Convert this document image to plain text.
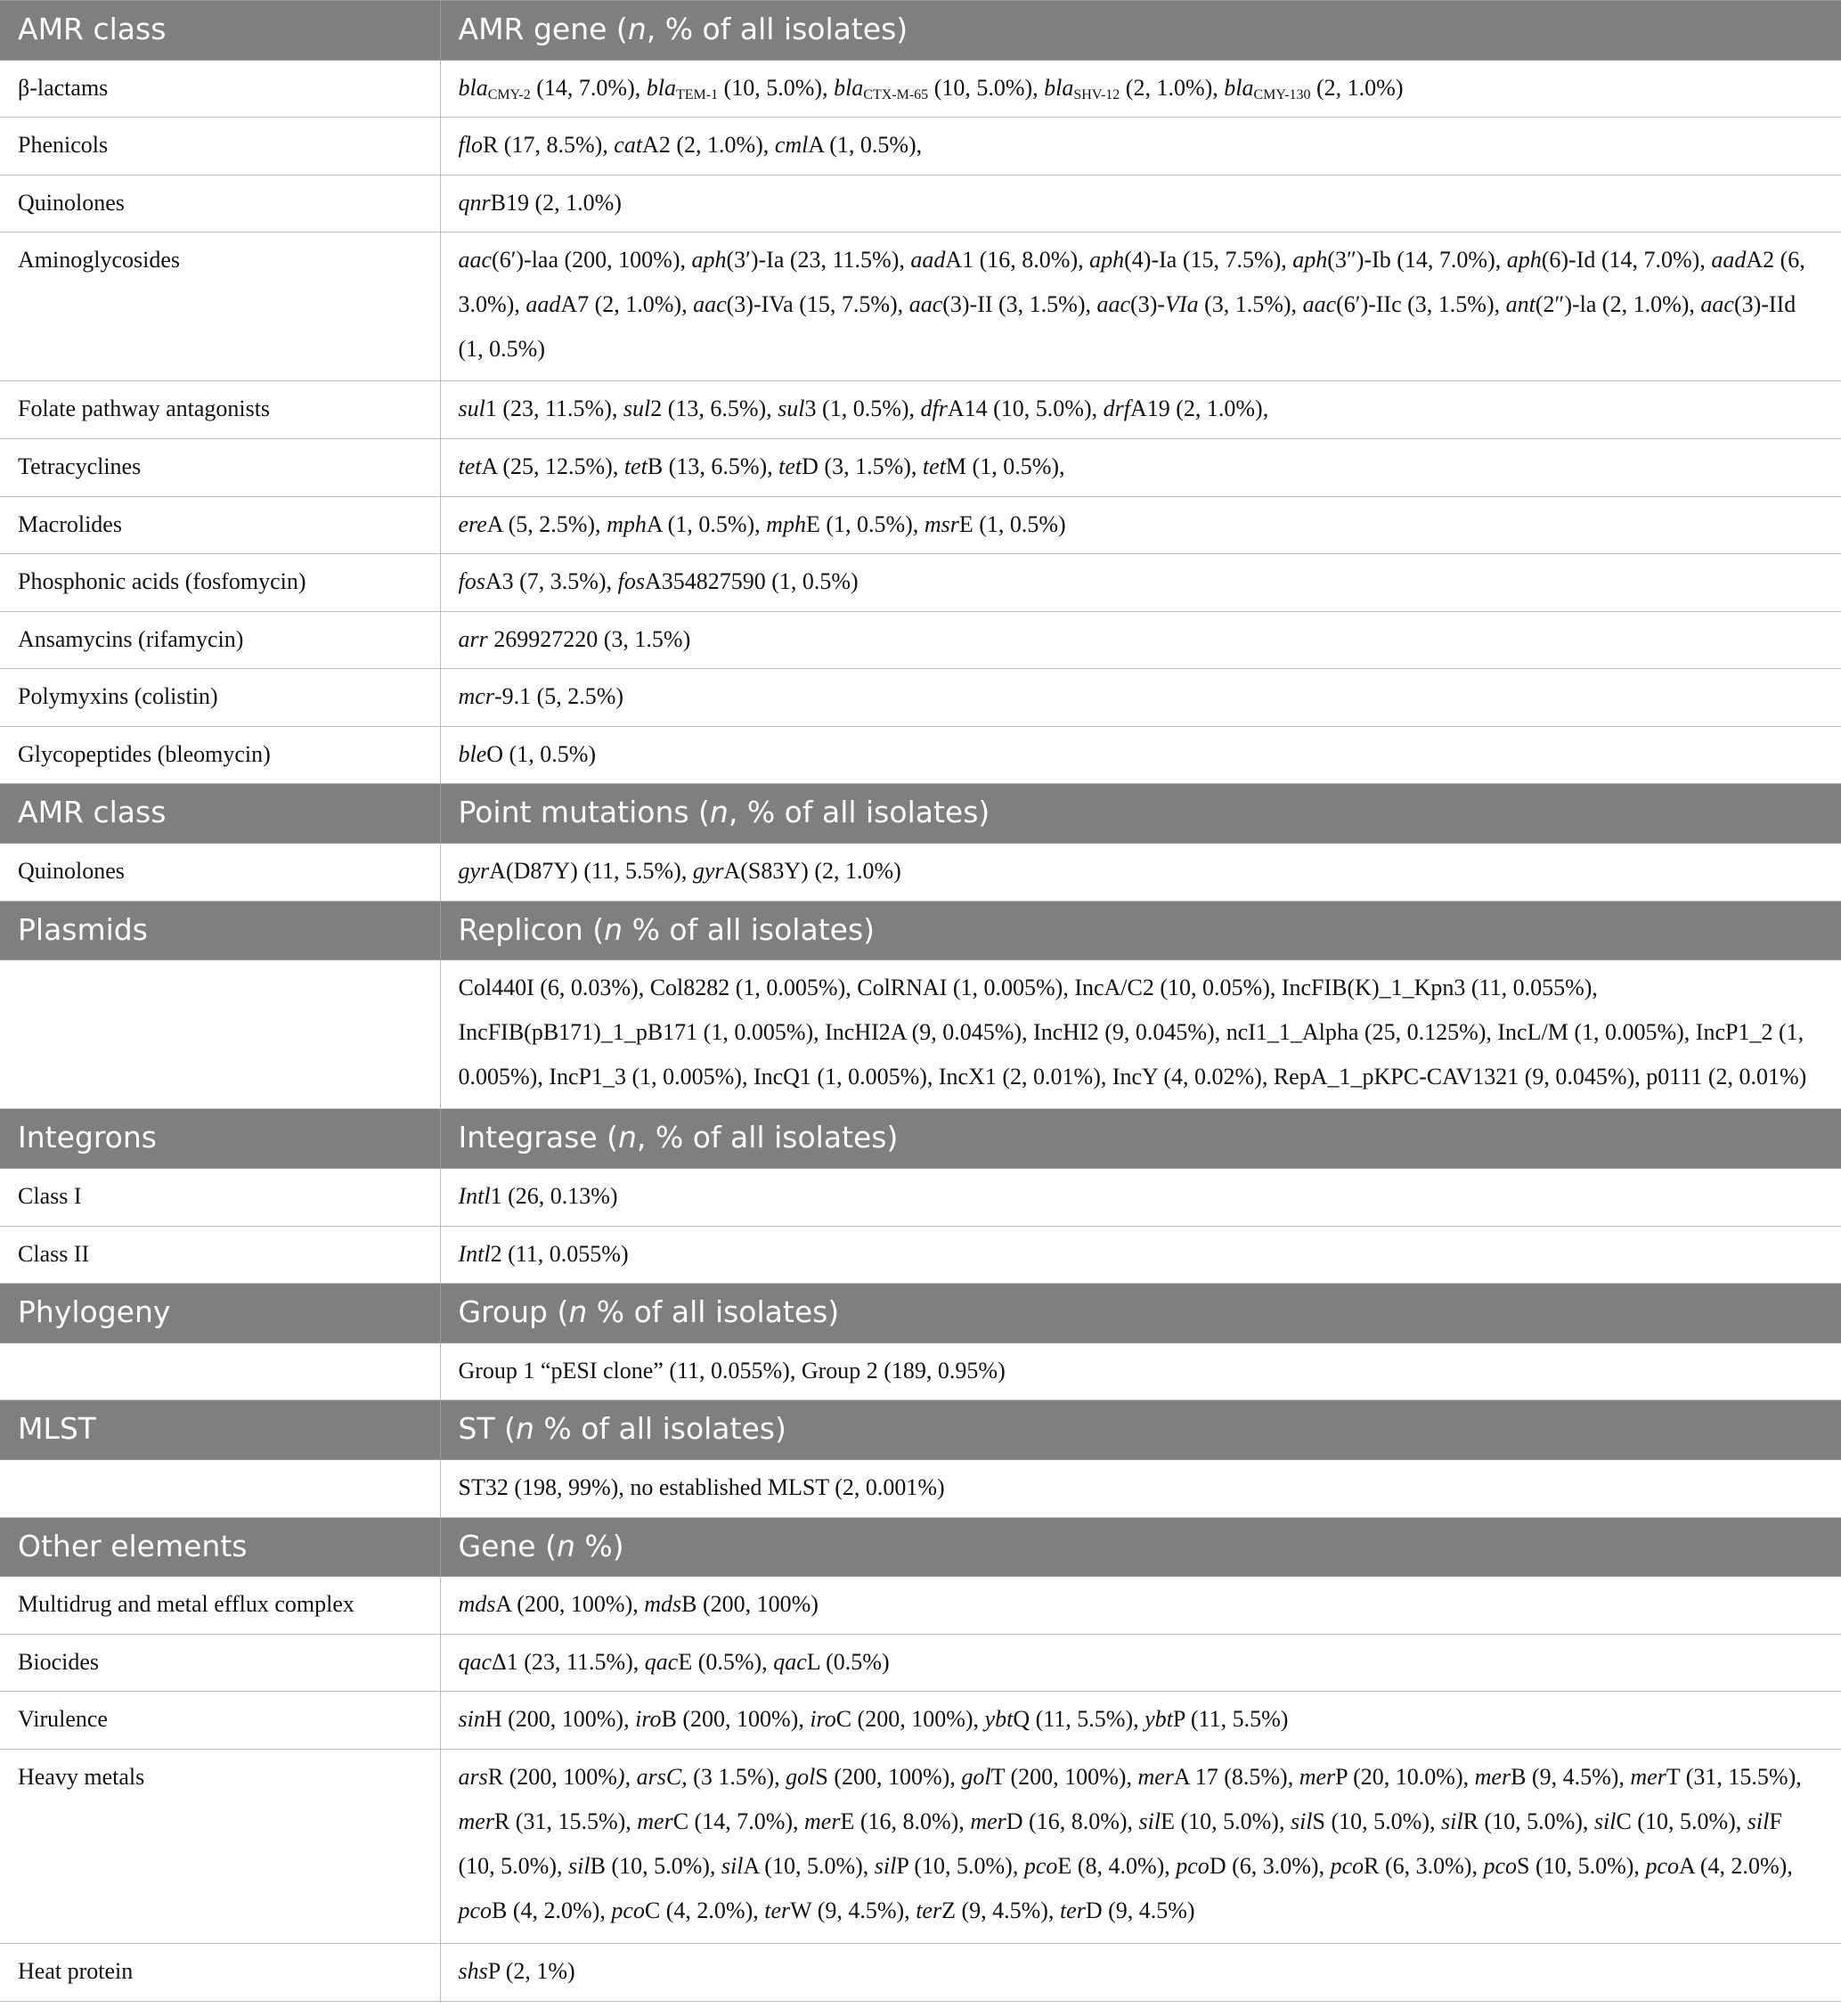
AMR class	AMR gene (n, % of all isolates)
β-lactams	bla$_{CMY-2}$ (14, 7.0%), bla$_{TEM-1}$ (10, 5.0%), bla$_{CTX-M-65}$ (10, 5.0%), bla$_{SHV-12}$ (2, 1.0%), bla$_{CMY-130}$ (2, 1.0%)
Phenicols	floR (17, 8.5%), catA2 (2, 1.0%), cmlA (1, 0.5%),
Quinolones	qnrB19 (2, 1.0%)
Aminoglycosides	aac(6′)-laa (200, 100%), aph(3′)-Ia (23, 11.5%), aadA1 (16, 8.0%), aph(4)-Ia (15, 7.5%), aph(3″)-Ib (14, 7.0%), aph(6)-Id (14, 7.0%), aadA2 (6, 3.0%), aadA7 (2, 1.0%), aac(3)-IVa (15, 7.5%), aac(3)-II (3, 1.5%), aac(3)-VIa (3, 1.5%), aac(6′)-IIc (3, 1.5%), ant(2″)-la (2, 1.0%), aac(3)-IId (1, 0.5%)
Folate pathway antagonists	sul1 (23, 11.5%), sul2 (13, 6.5%), sul3 (1, 0.5%), dfrA14 (10, 5.0%), drfA19 (2, 1.0%),
Tetracyclines	tetA (25, 12.5%), tetB (13, 6.5%), tetD (3, 1.5%), tetM (1, 0.5%),
Macrolides	ereA (5, 2.5%), mphA (1, 0.5%), mphE (1, 0.5%), msrE (1, 0.5%)
Phosphonic acids (fosfomycin)	fosA3 (7, 3.5%), fosA354827590 (1, 0.5%)
Ansamycins (rifamycin)	arr 269927220 (3, 1.5%)
Polymyxins (colistin)	mcr-9.1 (5, 2.5%)
Glycopeptides (bleomycin)	bleO (1, 0.5%)
AMR class	Point mutations (n, % of all isolates)
Quinolones	gyrA(D87Y) (11, 5.5%), gyrA(S83Y) (2, 1.0%)
Plasmids	Replicon (n % of all isolates)
	Col440I (6, 0.03%), Col8282 (1, 0.005%), ColRNAI (1, 0.005%), IncA/C2 (10, 0.05%), IncFIB(K)_1_Kpn3 (11, 0.055%), IncFIB(pB171)_1_pB171 (1, 0.005%), IncHI2A (9, 0.045%), IncHI2 (9, 0.045%), ncI1_1_Alpha (25, 0.125%), IncL/M (1, 0.005%), IncP1_2 (1, 0.005%), IncP1_3 (1, 0.005%), IncQ1 (1, 0.005%), IncX1 (2, 0.01%), IncY (4, 0.02%), RepA_1_pKPC-CAV1321 (9, 0.045%), p0111 (2, 0.01%)
Integrons	Integrase (n, % of all isolates)
Class I	Intl1 (26, 0.13%)
Class II	Intl2 (11, 0.055%)
Phylogeny	Group (n % of all isolates)
	Group 1 “pESI clone” (11, 0.055%), Group 2 (189, 0.95%)
MLST	ST (n % of all isolates)
	ST32 (198, 99%), no established MLST (2, 0.001%)
Other elements	Gene (n %)
Multidrug and metal efflux complex	mdsA (200, 100%), mdsB (200, 100%)
Biocides	qacΔ1 (23, 11.5%), qacE (0.5%), qacL (0.5%)
Virulence	sinH (200, 100%), iroB (200, 100%), iroC (200, 100%), ybtQ (11, 5.5%), ybtP (11, 5.5%)
Heavy metals	arsR (200, 100%), arsC, (3 1.5%), golS (200, 100%), golT (200, 100%), merA 17 (8.5%), merP (20, 10.0%), merB (9, 4.5%), merT (31, 15.5%), merR (31, 15.5%), merC (14, 7.0%), merE (16, 8.0%), merD (16, 8.0%), silE (10, 5.0%), silS (10, 5.0%), silR (10, 5.0%), silC (10, 5.0%), silF (10, 5.0%), silB (10, 5.0%), silA (10, 5.0%), silP (10, 5.0%), pcoE (8, 4.0%), pcoD (6, 3.0%), pcoR (6, 3.0%), pcoS (10, 5.0%), pcoA (4, 2.0%), pcoB (4, 2.0%), pcoC (4, 2.0%), terW (9, 4.5%), terZ (9, 4.5%), terD (9, 4.5%)
Heat protein	shsP (2, 1%)
